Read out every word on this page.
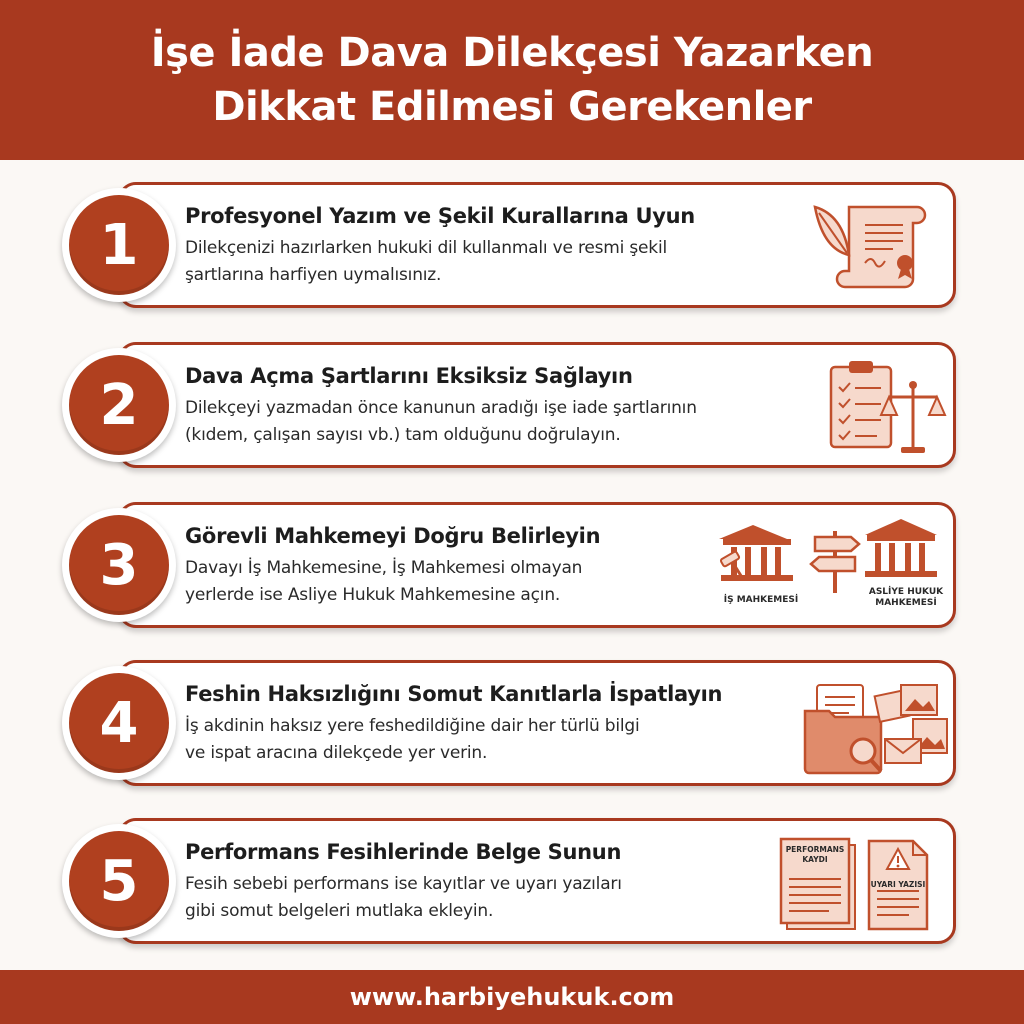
İşe İade Dava Dilekçesi Yazarken
Dikkat Edilmesi Gerekenler
Profesyonel Yazım ve Şekil Kurallarına Uyun
Dilekçenizi hazırlarken hukuki dil kullanmalı ve resmi şekil
şartlarına harfiyen uymalısınız.
1
Dava Açma Şartlarını Eksiksiz Sağlayın
Dilekçeyi yazmadan önce kanunun aradığı işe iade şartlarının
(kıdem, çalışan sayısı vb.) tam olduğunu doğrulayın.
2
Görevli Mahkemeyi Doğru Belirleyin
Davayı İş Mahkemesine, İş Mahkemesi olmayan
yerlerde ise Asliye Hukuk Mahkemesine açın.	İŞ MAHKEMESİ
ASLİYE HUKUK
MAHKEMESİ
3
Feshin Haksızlığını Somut Kanıtlarla İspatlayın
İş akdinin haksız yere feshedildiğine dair her türlü bilgi
ve ispat aracına dilekçede yer verin.
4
Performans Fesihlerinde Belge Sunun
Fesih sebebi performans ise kayıtlar ve uyarı yazıları
gibi somut belgeleri mutlaka ekleyin.
PERFORMANS
KAYDI
UYARI YAZISI
5
www.harbiyehukuk.com
